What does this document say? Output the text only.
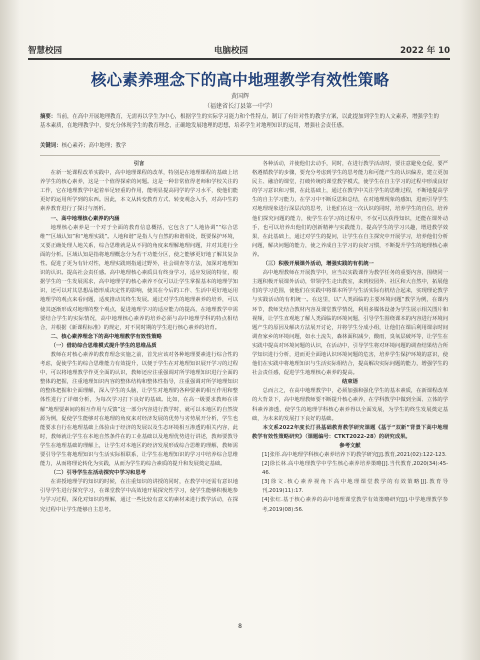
智慧校园	电脑校园	2022 年 10
核心素养理念下的高中地理教学有效性策略
黄国辉
（福建省长汀县第一中学）
摘要：当前，在高中开展地理教育，无需再以学生为中心，根据学生的实际学习能力和个性特点，制订了有针对性的教学方案，以此提加到学生的人文素养，增强学生的基本素质，在地理教学中，要充分体现学生的教育理念，正确地发展地理的思想，培养学生对地理知识的运用，增强社会责任感。
关键词：核心素养；高中地理；教学

引言

在新一轮课程改革实践中，高中地理课程的改革，特别是在地理课程的基础上培养学生的核心素养，这是一个值得探索的问题。这是一种非常值得老师和学校关注的工作，它在地理教学中起着举足轻重的作用，能明显提高同学的学习水平，使他们能更好的运用所学到的东西。因此，本文从转变教育方式、转变观念入手，对高中生的素养教育进行了探讨与剖析。

一、高中地理核心素养的内涵

地理核心素养是一个对于全面的教育信息概括，它包含了“人地协调”“综合思维”“区域认知”和“地理实践”。人地和谐”是指人与自然的和谐相处，既要保护环境，又要正确处理人地关系，综合思维就是从不同的角度来理解地理问题，并对其进行全面的分析。区域认知是指将地理概念分为若干功能分区，使之能够更好地了解其复杂性。促进了更为有针对性，地理实践则指通过野外，社会调查等方法，加深对地理知识的认识。提高社会责任感。高中地理核心素质具有终身学习，适应发展的特征，根据学生的一生发展需求，高中地理学的核心素养不仅可以让学生掌握基本的地理学知识，还可以对其思想品德形成决定性的影响，使其在今后的工作、生活中更好地运用地理学的观点来看问题，适度推动其终生发展。通过对学生的地理素养的培养，可以使其逐渐形成对地理的整个观点，促进地理学习的适应能力的提高，在地理教学中需要结合学生的实际情况，高中地理核心素养的培养必须与高中地理学科的特点相结合，并根据《新课程标准》的规定，对不同时期的学生进行核心素养的培育。

二、核心素养理念下的高中地理教学有效性策略

（一）借助综合思维模式提升学生的思维品质

教师在对核心素养的教育理念实施之前，首先应该对各种地理要素进行综合性的考虑，促使学生的综合思维能力有效提升，以便于学生在对地理知识展开学习的过程中，可以将地理教学作更全面的认识，教师还应注重强调对所学地理知识进行全面的整体的把握，注重地理知识内容的整体结构和整体性指导，注重强调对所学地理知识的整体把握和全面理解，深入学生的头脑，让学生对地理的各种要素的相互作用和整体性进行了详细分析，为每次学习打下良好的基础。比如，在高一级要求教师在讲解“地理要素间的相互作用与反馈”这一部分内容进行教学时，就可以本地区的自然资源为例，促使学生能够对在地理的角度来对经济发展的优势与劣势展开分析，学生也能要求自行在地理基础上体验由于经济的发展以及生态环境相互渗透的相关内容，此时，教师就让学生在本地自然条件在的工业基础以及地理优势进行讲述，教师要教导学生在地理基础的理解上，让学生对本地区的经济发展形成综合思维的理解，教师需要引导学生将地理知识与生活实际相联系，让学生在地理知识的学习中培养综合思维能力，从而将理论转化为实践，从而为学生的综合素质的提升和发展奠定基础。

（二）引导学生在活动探究中学习和思考

在讲授地理学的知识的时候，在注重知识的讲授的同时，在教学中还需有意识地引导学生进行探究学习，在课堂教学中高效地开展探究性学习，使学生能够积极地参与学习过程，深化对知识的理解，通过一些比较有意义的素材来进行教学活动，在探究过程中让学生能够自主思考。

各种活动，并使他们去动手，同时，在进行教学活动时，要注意避免仓促，要严格遵循教学的步骤，要充分考虑到学生的思考能力和可能产生的认识偏差，建立更加民主、融洽的课堂，打破传统的课堂教学模式，使学生在自主学习的过程中形成良好的学习意识和习惯，在此基础上，通过在教学中关注学生的思维过程，不断地提高学生的自主学习能力，在学习中不断反思和总结，在对地理现象的感知，进而引导学生对地理现象进行深层次的思考，让他们在这一次认识的同时，培养学生的自信，培养他们探究问题的能力，使学生在学习的过程中，不仅可以获得知识，还能在课外动手，也可以培养出他们的创新精神与实践能力，提高学生的学习兴趣，增进教学效果，在此基础上，通过对学生的提问，让学生在自主探究中开展学习，培养他们分析问题，解决问题的能力，使之养成自主学习的良好习惯，不断提升学生的地理核心素养。

（三）积极开展课外活动，增强实践的有机统一

高中地理教师在开展教学中，应当以实践课作为教学任务的重要内容，围绕同一主题积极开展课外活动，带领学生走出教室，来到校园外、社区和大自然中，拓展他们的学习范围，使他们在实践中将课本所学与生活实际有机结合起来，实现理论教学与实践活动的有机统一。在这里，以“人类面临的主要环境问题”教学为例，在课内环节，教师先结合教材内容及课堂教学情况，利用多媒体设备为学生展示相关图片和视频，让学生直观地了解人类面临的环境问题，引导学生围绕课本的内容进行环境问题产生的原因及解决方法展开讨论，并将学生分成小组，让他们在课后利用课余时间调查家乡的环境问题，如水土流失，森林面积减少，酸雨，臭氧层破坏等，让学生在实践中提高对环境问题的认识，在活动中，引导学生将对环境问题的调查结果结合所学知识进行分析，进而更全面地认识环境问题的危害，培养学生保护环境的意识，使他们在实践中将地理知识与生活实际相结合，提高解决实际问题的能力，增强学生的社会责任感，促进学生地理核心素养的提高。

结束语

总而言之，在高中地理教学中，必须加强和强化学生的基本素质，在新课程改革的大背景下，高中地理教师要不断提升核心素养，在学科教学中做到全面、立体的学科素养渗透，使学生的地理学科核心素养得以全面发展，为学生的终生发展奠定基础，为未来的发展打下良好的基础。

本文系2022年度长汀县基础教育教学研究课题《基于“双新”背景下高中地理教学有效性策略研究》（课题编号：CTKT2022-28）的研究成果。

参考文献

[1]张彤.高中地理学科核心素养培养下的教学研究[J].教育,2021(02):122-123.

[2]徐长林.高中地理教学中学生核心素养培养策略[J].当代教育,2020(34):45-46.

[3]徐文.核心素养视角下高中地理课堂教学的有效策略[J].教育导刊,2019(11):17.

[4]张红.基于核心素养的高中地理课堂教学有效策略研究[J].中学地理教学参考,2019(08):56.

8
